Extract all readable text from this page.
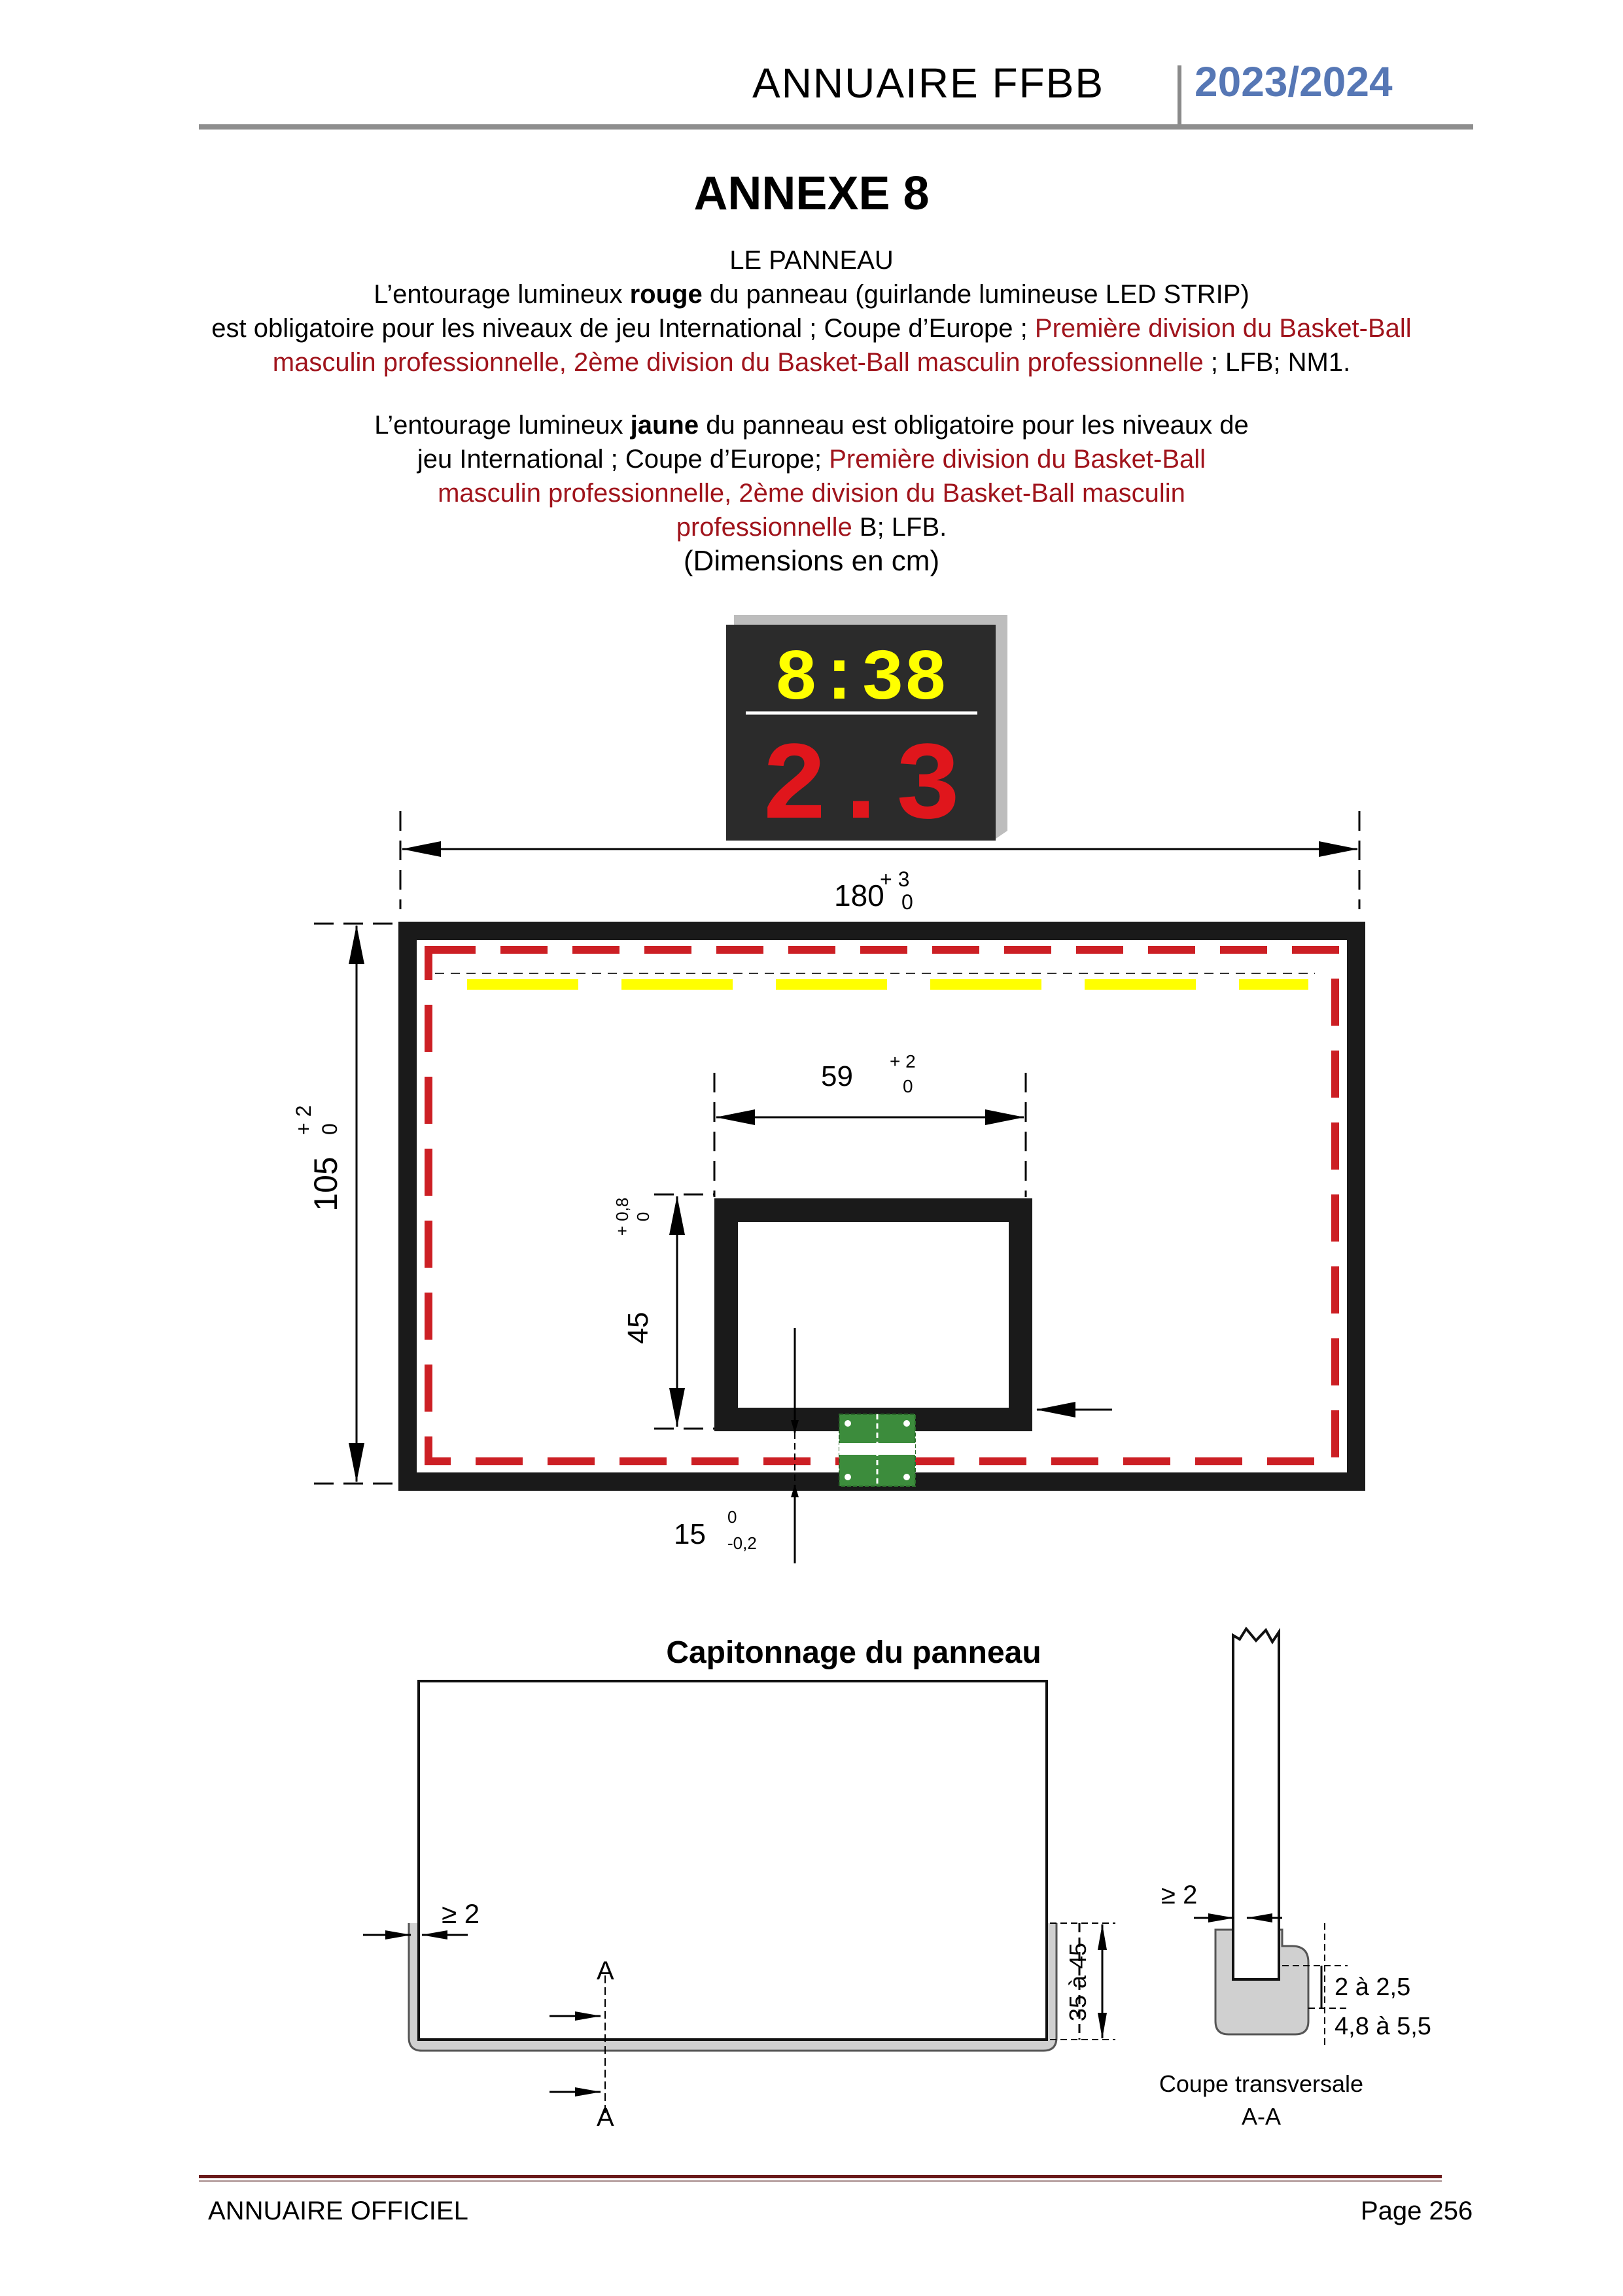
ANNUAIRE FFBB 2023/2024
ANNEXE 8
LE PANNEAU
L’entourage lumineux rouge du panneau (guirlande lumineuse LED STRIP)
est obligatoire pour les niveaux de jeu International ; Coupe d’Europe ; Première division du Basket-Ball
masculin professionnelle, 2ème division du Basket-Ball masculin professionnelle ; LFB; NM1.
L’entourage lumineux jaune du panneau est obligatoire pour les niveaux de
jeu International ; Coupe d’Europe; Première division du Basket-Ball
masculin professionnelle, 2ème division du Basket-Ball masculin
professionnelle B; LFB.
(Dimensions en cm)
8:38
2.3
180
+ 3
0
105
+ 2 0
59 + 2
0
45
+ 0,8 0
15
0
-0,2
Capitonnage du panneau
≥ 2
35 à 45
A
A
≥ 2
2 à 2,5
4,8 à 5,5
Coupe transversale
A-A
ANNUAIRE OFFICIEL	Page 256
